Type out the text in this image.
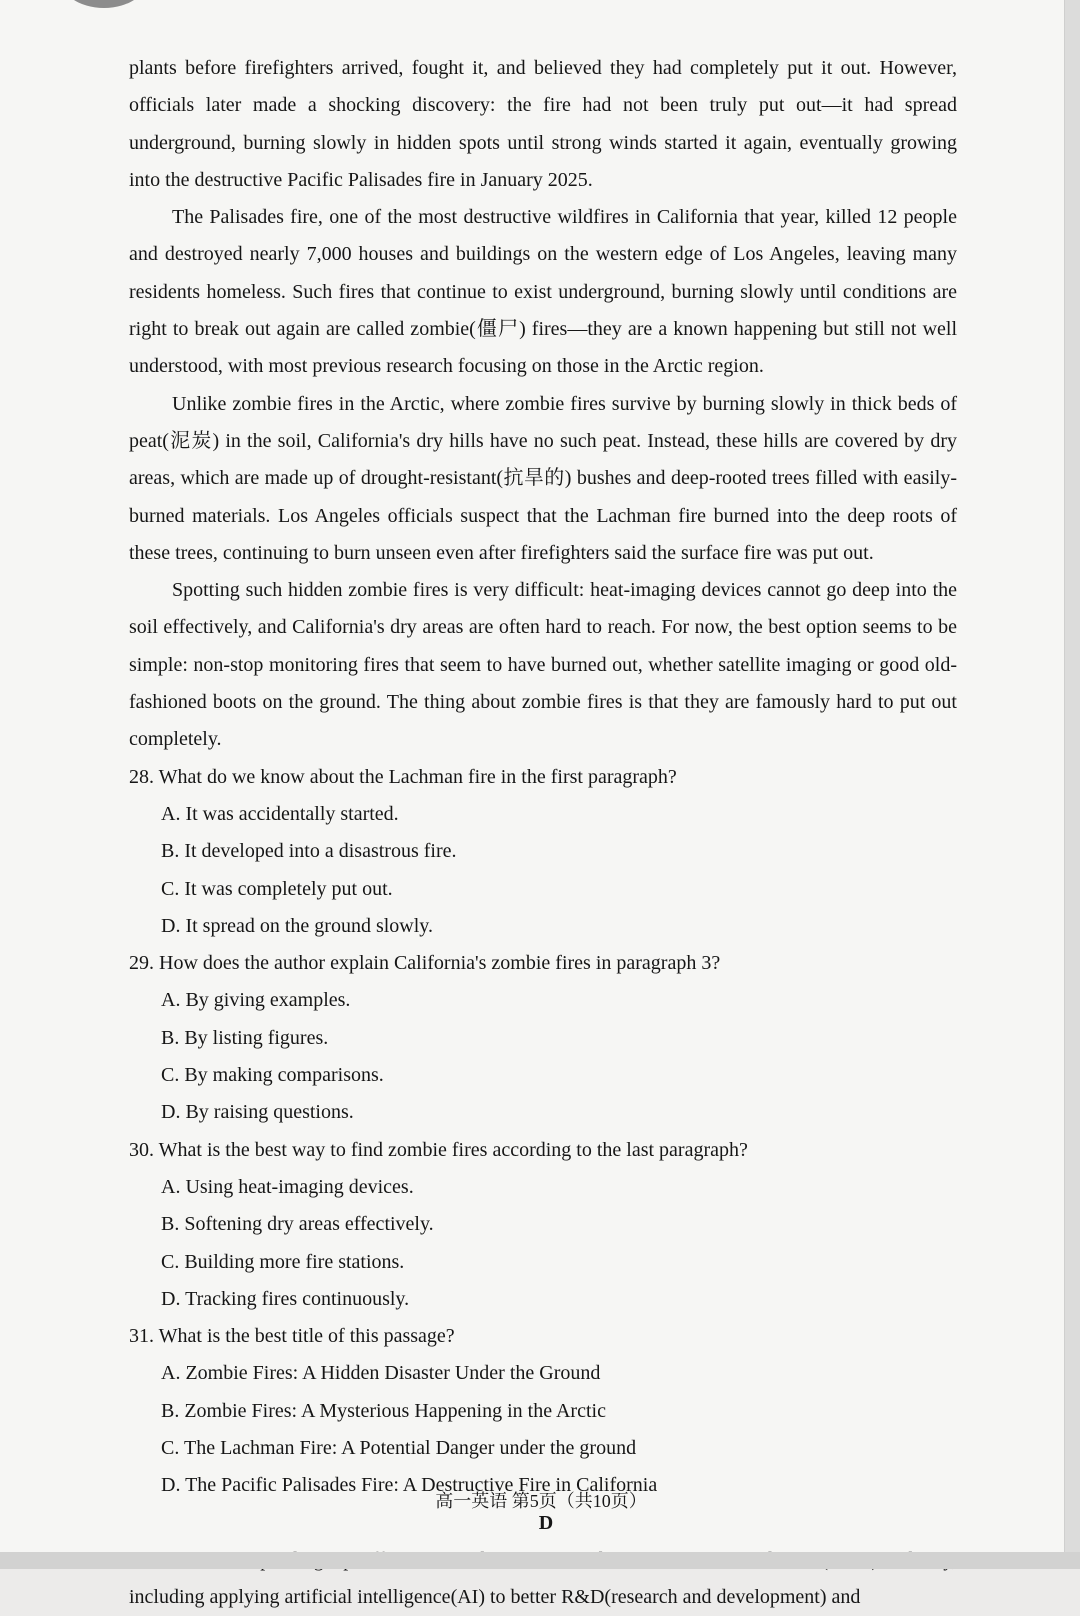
plants before firefighters arrived, fought it, and believed they had completely put it out. However, officials later made a shocking discovery: the fire had not been truly put out—it had spread underground, burning slowly in hidden spots until strong winds started it again, eventually growing into the destructive Pacific Palisades fire in January 2025.

The Palisades fire, one of the most destructive wildfires in California that year, killed 12 people and destroyed nearly 7,000 houses and buildings on the western edge of Los Angeles, leaving many residents homeless. Such fires that continue to exist underground, burning slowly until conditions are right to break out again are called zombie(僵尸) fires—they are a known happening but still not well understood, with most previous research focusing on those in the Arctic region.

Unlike zombie fires in the Arctic, where zombie fires survive by burning slowly in thick beds of peat(泥炭) in the soil, California's dry hills have no such peat. Instead, these hills are covered by dry areas, which are made up of drought-resistant(抗旱的) bushes and deep-rooted trees filled with easily-burned materials. Los Angeles officials suspect that the Lachman fire burned into the deep roots of these trees, continuing to burn unseen even after firefighters said the surface fire was put out.

Spotting such hidden zombie fires is very difficult: heat-imaging devices cannot go deep into the soil effectively, and California's dry areas are often hard to reach. For now, the best option seems to be simple: non-stop monitoring fires that seem to have burned out, whether satellite imaging or good old-fashioned boots on the ground. The thing about zombie fires is that they are famously hard to put out completely.

28. What do we know about the Lachman fire in the first paragraph?

A. It was accidentally started.
B. It developed into a disastrous fire.
C. It was completely put out.
D. It spread on the ground slowly.

29. How does the author explain California's zombie fires in paragraph 3?

A. By giving examples.
B. By listing figures.
C. By making comparisons.
D. By raising questions.

30. What is the best way to find zombie fires according to the last paragraph?

A. Using heat-imaging devices.
B. Softening dry areas effectively.
C. Building more fire stations.
D. Tracking fires continuously.

31. What is the best title of this passage?

A. Zombie Fires: A Hidden Disaster Under the Ground
B. Zombie Fires: A Mysterious Happening in the Arctic
C. The Lachman Fire: A Potential Danger under the ground
D. The Pacific Palisades Fire: A Destructive Fire in California

D

including applying artificial intelligence(AI) to better R&D(research and development) and

高一英语 第5页（共10页）
